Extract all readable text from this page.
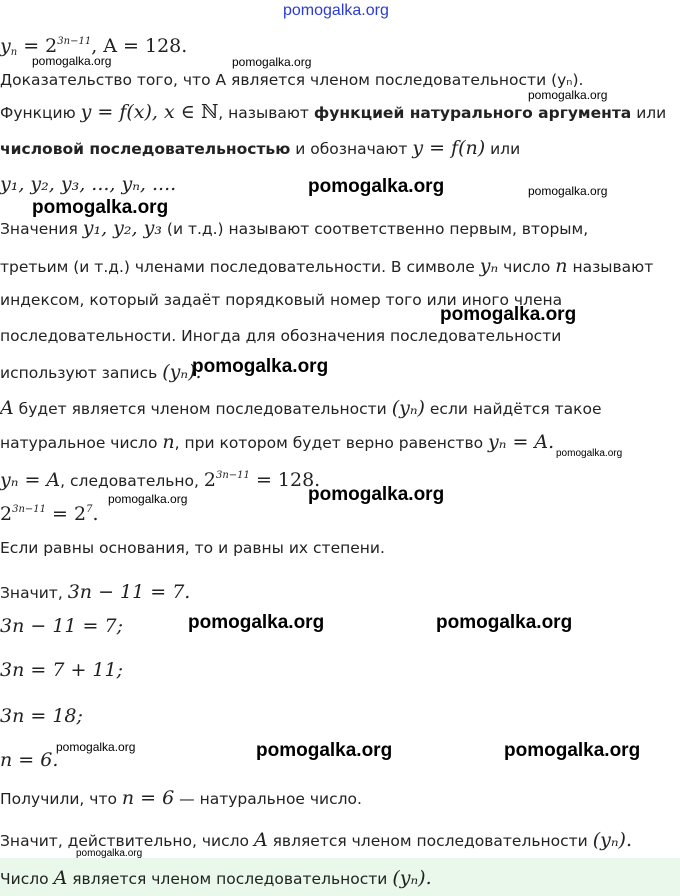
pomogalka.org
$y_n = 2^{3n-11}$, A = 128.
Доказательство того, что A является членом последовательности (yₙ).
Функцию y = f(x), x ∈ ℕ, называют функцией натурального аргумента или
числовой последовательностью и обозначают y = f(n) или
y₁, y₂, y₃, ..., yₙ, ....
Значения y₁, y₂, y₃ (и т.д.) называют соответственно первым, вторым,
третьим (и т.д.) членами последовательности. В символе yₙ число n называют
индексом, который задаёт порядковый номер того или иного члена
последовательности. Иногда для обозначения последовательности
используют запись (yₙ).
A будет является членом последовательности (yₙ) если найдётся такое
натуральное число n, при котором будет верно равенство yₙ = A.
yₙ = A, следовательно, $2^{3n-11} = 128$.
$2^{3n-11} = 2^7$.
Если равны основания, то и равны их степени.
Значит, 3n − 11 = 7.
3n − 11 = 7;
3n = 7 + 11;
3n = 18;
n = 6.
Получили, что n = 6 — натуральное число.
Значит, действительно, число A является членом последовательности (yₙ).
Число A является членом последовательности (yₙ).
pomogalka.org	pomogalka.org
pomogalka.org
pomogalka.org	pomogalka.org
pomogalka.org
pomogalka.org
pomogalka.org
pomogalka.org
pomogalka.org
pomogalka.org
pomogalka.org	pomogalka.org
pomogalka.org	pomogalka.org	pomogalka.org
pomogalka.org
